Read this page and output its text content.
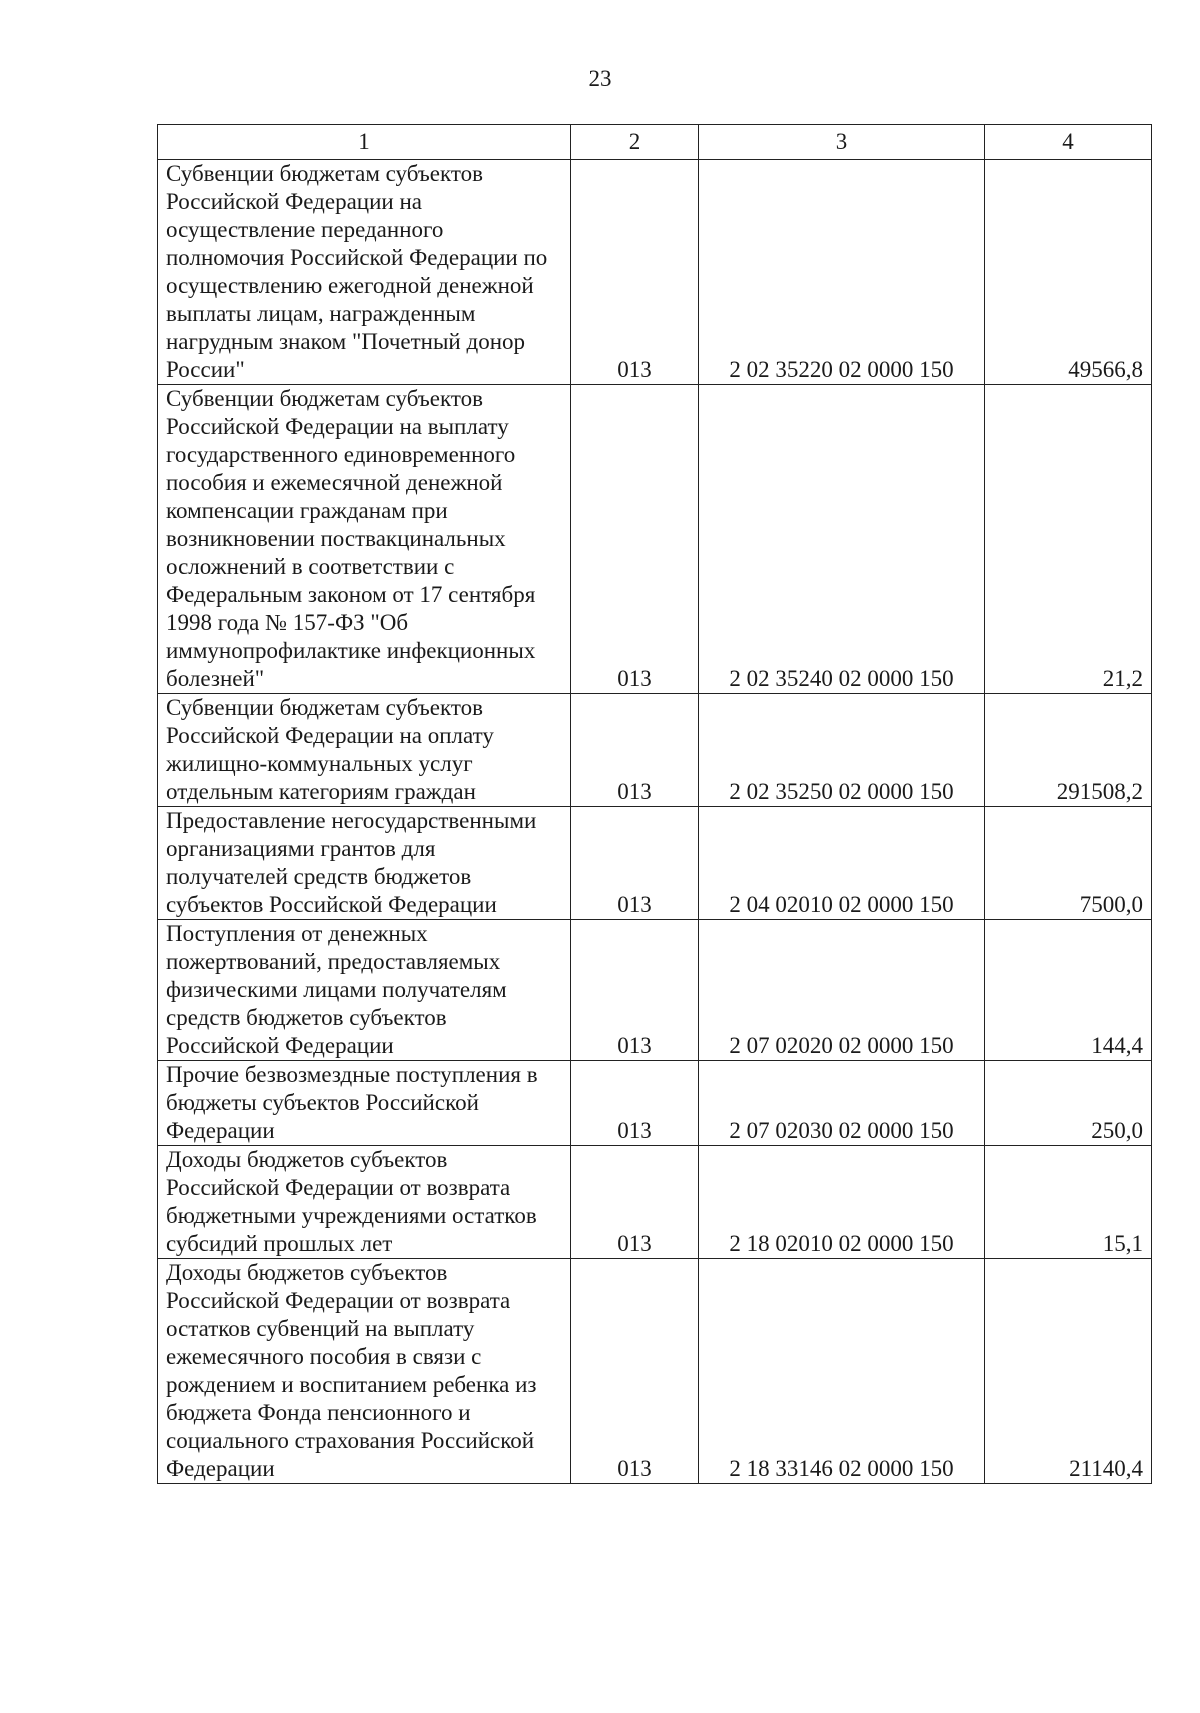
23
1	2	3	4
Субвенции бюджетам субъектов Российской Федерации на осуществление переданного полномочия Российской Федерации по осуществлению ежегодной денежной выплаты лицам, награжденным нагрудным знаком "Почетный донор России"	013	2 02 35220 02 0000 150	49566,8
Субвенции бюджетам субъектов Российской Федерации на выплату государственного единовременного пособия и ежемесячной денежной компенсации гражданам при возникновении поствакцинальных осложнений в соответствии с Федеральным законом от 17 сентября 1998 года № 157-ФЗ "Об иммунопрофилактике инфекционных болезней"	013	2 02 35240 02 0000 150	21,2
Субвенции бюджетам субъектов Российской Федерации на оплату жилищно-коммунальных услуг отдельным категориям граждан	013	2 02 35250 02 0000 150	291508,2
Предоставление негосударственными организациями грантов для получателей средств бюджетов субъектов Российской Федерации	013	2 04 02010 02 0000 150	7500,0
Поступления от денежных пожертвований, предоставляемых физическими лицами получателям средств бюджетов субъектов Российской Федерации	013	2 07 02020 02 0000 150	144,4
Прочие безвозмездные поступления в бюджеты субъектов Российской Федерации	013	2 07 02030 02 0000 150	250,0
Доходы бюджетов субъектов Российской Федерации от возврата бюджетными учреждениями остатков субсидий прошлых лет	013	2 18 02010 02 0000 150	15,1
Доходы бюджетов субъектов Российской Федерации от возврата остатков субвенций на выплату ежемесячного пособия в связи с рождением и воспитанием ребенка из бюджета Фонда пенсионного и социального страхования Российской Федерации	013	2 18 33146 02 0000 150	21140,4
